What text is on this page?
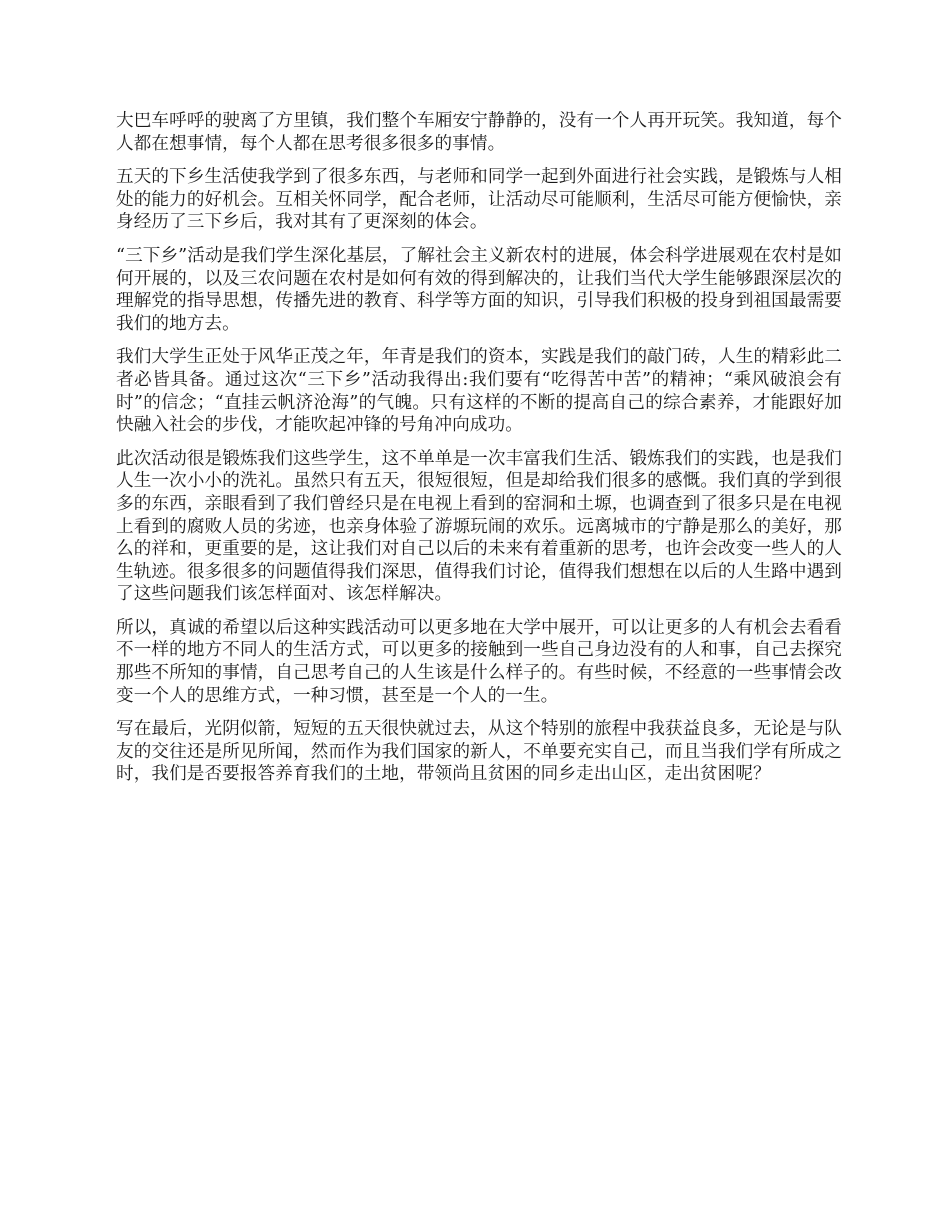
大巴车呼呼的驶离了方里镇，我们整个车厢安宁静静的，没有一个人再开玩笑。我知道，每个人都在想事情，每个人都在思考很多很多的事情。

五天的下乡生活使我学到了很多东西，与老师和同学一起到外面进行社会实践，是锻炼与人相处的能力的好机会。互相关怀同学，配合老师，让活动尽可能顺利，生活尽可能方便愉快，亲身经历了三下乡后，我对其有了更深刻的体会。

“三下乡”活动是我们学生深化基层，了解社会主义新农村的进展，体会科学进展观在农村是如何开展的，以及三农问题在农村是如何有效的得到解决的，让我们当代大学生能够跟深层次的理解党的指导思想，传播先进的教育、科学等方面的知识，引导我们积极的投身到祖国最需要我们的地方去。

我们大学生正处于风华正茂之年，年青是我们的资本，实践是我们的敲门砖，人生的精彩此二者必皆具备。通过这次“三下乡”活动我得出:我们要有“吃得苦中苦”的精神；“乘风破浪会有时”的信念；“直挂云帆济沧海”的气魄。只有这样的不断的提高自己的综合素养，才能跟好加快融入社会的步伐，才能吹起冲锋的号角冲向成功。

此次活动很是锻炼我们这些学生，这不单单是一次丰富我们生活、锻炼我们的实践，也是我们人生一次小小的洗礼。虽然只有五天，很短很短，但是却给我们很多的感慨。我们真的学到很多的东西，亲眼看到了我们曾经只是在电视上看到的窑洞和土塬，也调查到了很多只是在电视上看到的腐败人员的劣迹，也亲身体验了游塬玩闹的欢乐。远离城市的宁静是那么的美好，那么的祥和，更重要的是，这让我们对自己以后的未来有着重新的思考，也许会改变一些人的人生轨迹。很多很多的问题值得我们深思，值得我们讨论，值得我们想想在以后的人生路中遇到了这些问题我们该怎样面对、该怎样解决。

所以，真诚的希望以后这种实践活动可以更多地在大学中展开，可以让更多的人有机会去看看不一样的地方不同人的生活方式，可以更多的接触到一些自己身边没有的人和事，自己去探究那些不所知的事情，自己思考自己的人生该是什么样子的。有些时候，不经意的一些事情会改变一个人的思维方式，一种习惯，甚至是一个人的一生。

写在最后，光阴似箭，短短的五天很快就过去，从这个特别的旅程中我获益良多，无论是与队友的交往还是所见所闻，然而作为我们国家的新人，不单要充实自己，而且当我们学有所成之时，我们是否要报答养育我们的土地，带领尚且贫困的同乡走出山区，走出贫困呢？
